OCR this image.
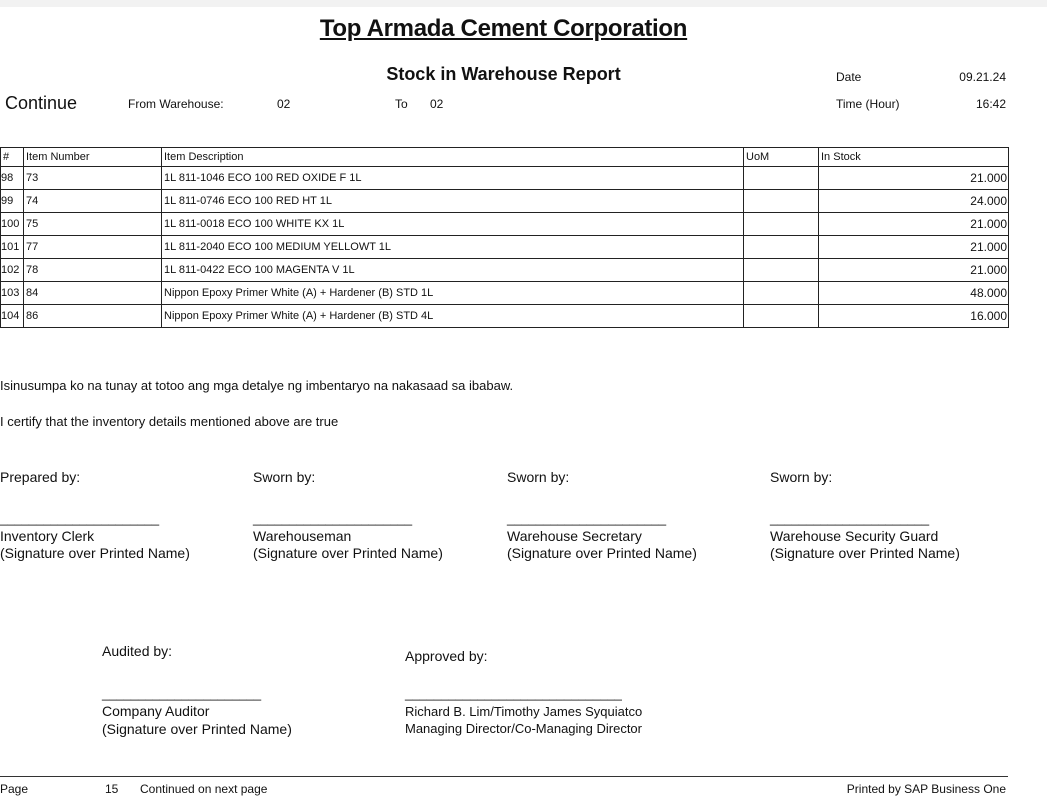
Top Armada Cement Corporation
Stock in Warehouse Report
Continue	From Warehouse:	02	To 02
Date	09.21.24
Time (Hour)	16:42
#	Item Number	Item Description	UoM	In Stock
98	73	1L 811-1046 ECO 100 RED OXIDE F 1L		21.000
99	74	1L 811-0746 ECO 100 RED HT 1L		24.000
100	75	1L 811-0018 ECO 100 WHITE KX 1L		21.000
101	77	1L 811-2040 ECO 100 MEDIUM YELLOWT 1L		21.000
102	78	1L 811-0422 ECO 100 MAGENTA V 1L		21.000
103	84	Nippon Epoxy Primer White (A) + Hardener (B) STD 1L		48.000
104	86	Nippon Epoxy Primer White (A) + Hardener (B) STD 4L		16.000
Isinusumpa ko na tunay at totoo ang mga detalye ng imbentaryo na nakasaad sa ibabaw.
I certify that the inventory details mentioned above are true
Prepared by:
______________________
Inventory Clerk
(Signature over Printed Name)
Sworn by:
______________________
Warehouseman
(Signature over Printed Name)
Sworn by:
______________________
Warehouse Secretary
(Signature over Printed Name)
Sworn by:
______________________
Warehouse Security Guard
(Signature over Printed Name)
Audited by:
______________________
Company Auditor
(Signature over Printed Name)
Approved by:
______________________________
Richard B. Lim/Timothy James Syquiatco
Managing Director/Co-Managing Director
Page	15 Continued on next page	Printed by SAP Business One
